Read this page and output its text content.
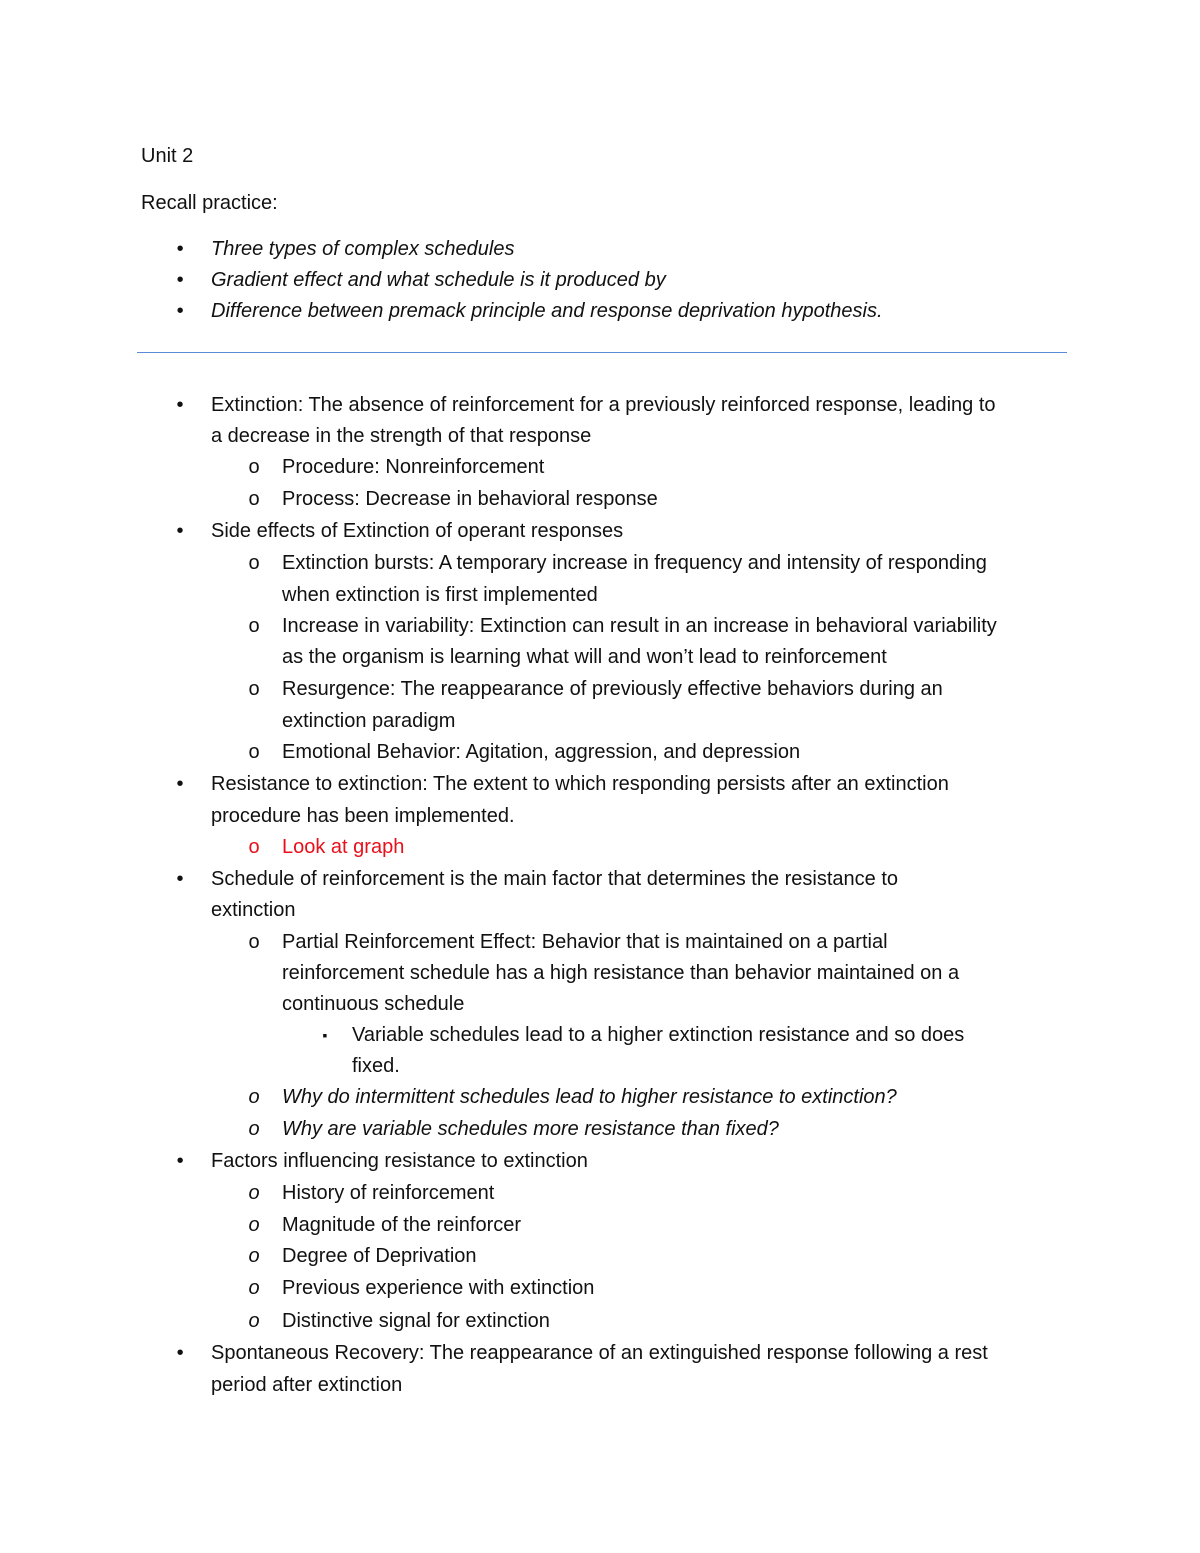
Unit 2
Recall practice:
•	Three types of complex schedules
•	Gradient effect and what schedule is it produced by
•	Difference between premack principle and response deprivation hypothesis.
•	Extinction: The absence of reinforcement for a previously reinforced response, leading to
a decrease in the strength of that response
o Procedure: Nonreinforcement
o Process: Decrease in behavioral response
•	Side effects of Extinction of operant responses
o Extinction bursts: A temporary increase in frequency and intensity of responding
when extinction is first implemented
o Increase in variability: Extinction can result in an increase in behavioral variability
as the organism is learning what will and won’t lead to reinforcement
o Resurgence: The reappearance of previously effective behaviors during an
extinction paradigm
o Emotional Behavior: Agitation, aggression, and depression
•	Resistance to extinction: The extent to which responding persists after an extinction
procedure has been implemented.
o Look at graph
•	Schedule of reinforcement is the main factor that determines the resistance to
extinction
o Partial Reinforcement Effect: Behavior that is maintained on a partial
reinforcement schedule has a high resistance than behavior maintained on a
continuous schedule
▪	Variable schedules lead to a higher extinction resistance and so does
fixed.
o Why do intermittent schedules lead to higher resistance to extinction?
o Why are variable schedules more resistance than fixed?
•	Factors influencing resistance to extinction
o History of reinforcement
o Magnitude of the reinforcer
o Degree of Deprivation
o Previous experience with extinction
o Distinctive signal for extinction
•	Spontaneous Recovery: The reappearance of an extinguished response following a rest
period after extinction
